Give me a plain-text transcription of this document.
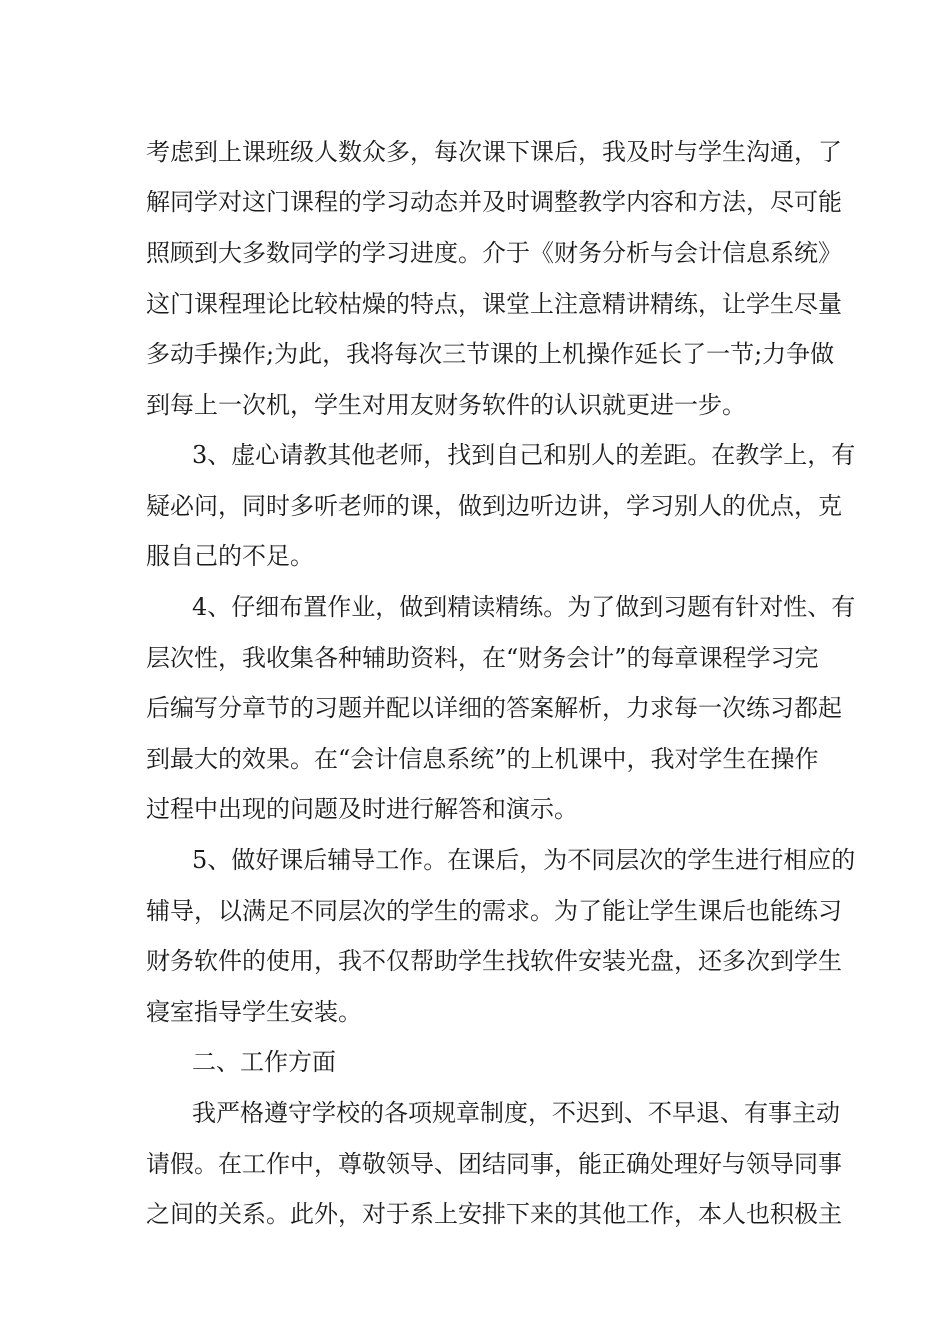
考虑到上课班级人数众多，每次课下课后，我及时与学生沟通，了
解同学对这门课程的学习动态并及时调整教学内容和方法，尽可能
照顾到大多数同学的学习进度。介于《财务分析与会计信息系统》
这门课程理论比较枯燥的特点，课堂上注意精讲精练，让学生尽量
多动手操作;为此，我将每次三节课的上机操作延长了一节;力争做
到每上一次机，学生对用友财务软件的认识就更进一步。
3、虚心请教其他老师，找到自己和别人的差距。在教学上，有
疑必问，同时多听老师的课，做到边听边讲，学习别人的优点，克
服自己的不足。
4、仔细布置作业，做到精读精练。为了做到习题有针对性、有
层次性，我收集各种辅助资料，在“财务会计”的每章课程学习完
后编写分章节的习题并配以详细的答案解析，力求每一次练习都起
到最大的效果。在“会计信息系统”的上机课中，我对学生在操作
过程中出现的问题及时进行解答和演示。
5、做好课后辅导工作。在课后，为不同层次的学生进行相应的
辅导，以满足不同层次的学生的需求。为了能让学生课后也能练习
财务软件的使用，我不仅帮助学生找软件安装光盘，还多次到学生
寝室指导学生安装。
二、工作方面
我严格遵守学校的各项规章制度，不迟到、不早退、有事主动
请假。在工作中，尊敬领导、团结同事，能正确处理好与领导同事
之间的关系。此外，对于系上安排下来的其他工作，本人也积极主
